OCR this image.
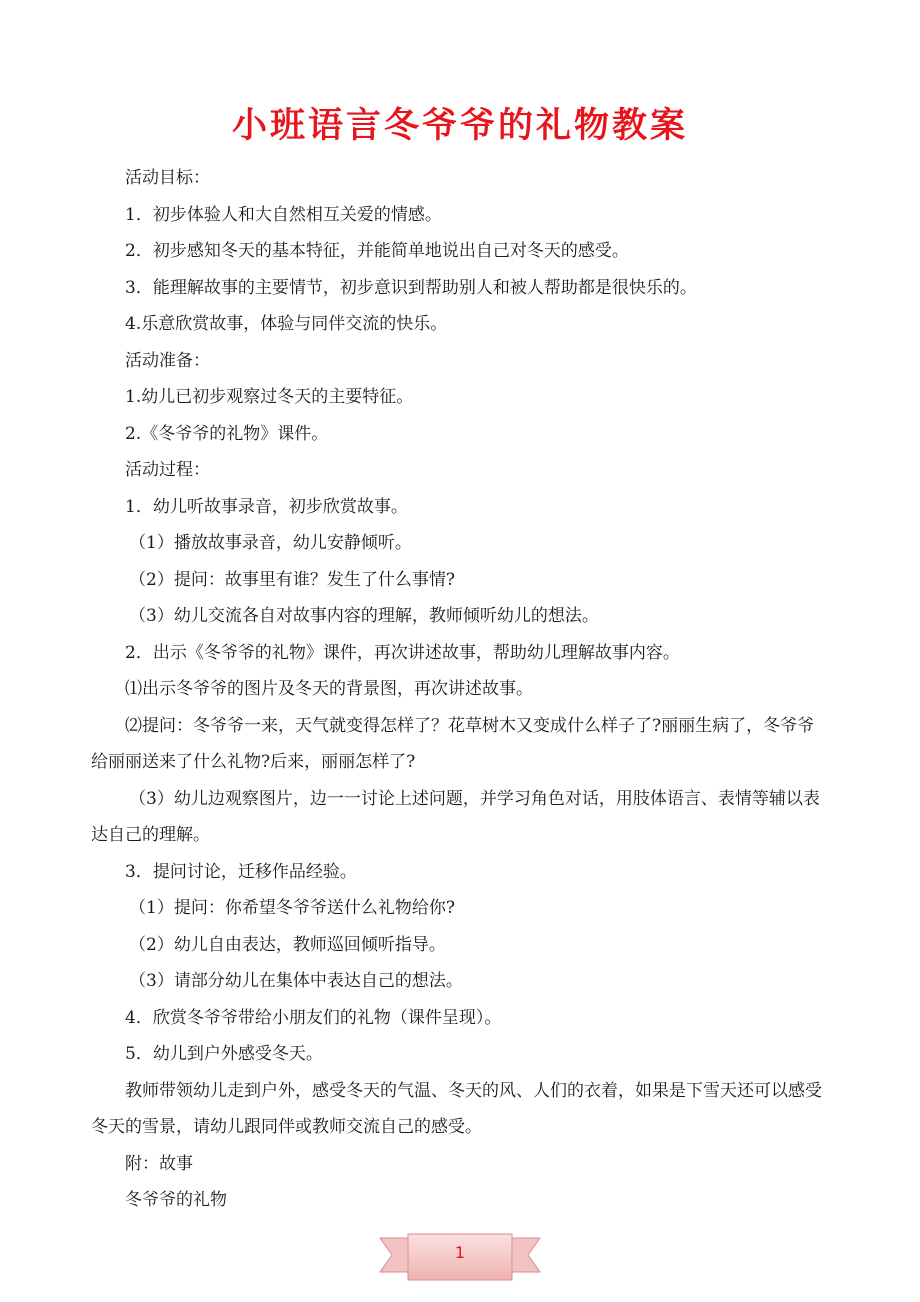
小班语言冬爷爷的礼物教案

活动目标：

1．初步体验人和大自然相互关爱的情感。

2．初步感知冬天的基本特征，并能简单地说出自己对冬天的感受。

3．能理解故事的主要情节，初步意识到帮助别人和被人帮助都是很快乐的。

4.乐意欣赏故事，体验与同伴交流的快乐。

活动准备：

1.幼儿已初步观察过冬天的主要特征。

2.《冬爷爷的礼物》课件。

活动过程：

1．幼儿听故事录音，初步欣赏故事。

（1）播放故事录音，幼儿安静倾听。

（2）提问：故事里有谁？发生了什么事情?

（3）幼儿交流各自对故事内容的理解，教师倾听幼儿的想法。

2．出示《冬爷爷的礼物》课件，再次讲述故事，帮助幼儿理解故事内容。

⑴出示冬爷爷的图片及冬天的背景图，再次讲述故事。

⑵提问：冬爷爷一来，天气就变得怎样了？花草树木又变成什么样子了?丽丽生病了，冬爷爷给丽丽送来了什么礼物?后来，丽丽怎样了?

（3）幼儿边观察图片，边一一讨论上述问题，并学习角色对话，用肢体语言、表情等辅以表达自己的理解。

3．提问讨论，迁移作品经验。

（1）提问：你希望冬爷爷送什么礼物给你?

（2）幼儿自由表达，教师巡回倾听指导。

（3）请部分幼儿在集体中表达自己的想法。

4．欣赏冬爷爷带给小朋友们的礼物（课件呈现）。

5．幼儿到户外感受冬天。

教师带领幼儿走到户外，感受冬天的气温、冬天的风、人们的衣着，如果是下雪天还可以感受冬天的雪景，请幼儿跟同伴或教师交流自己的感受。

附：故事

冬爷爷的礼物

1
